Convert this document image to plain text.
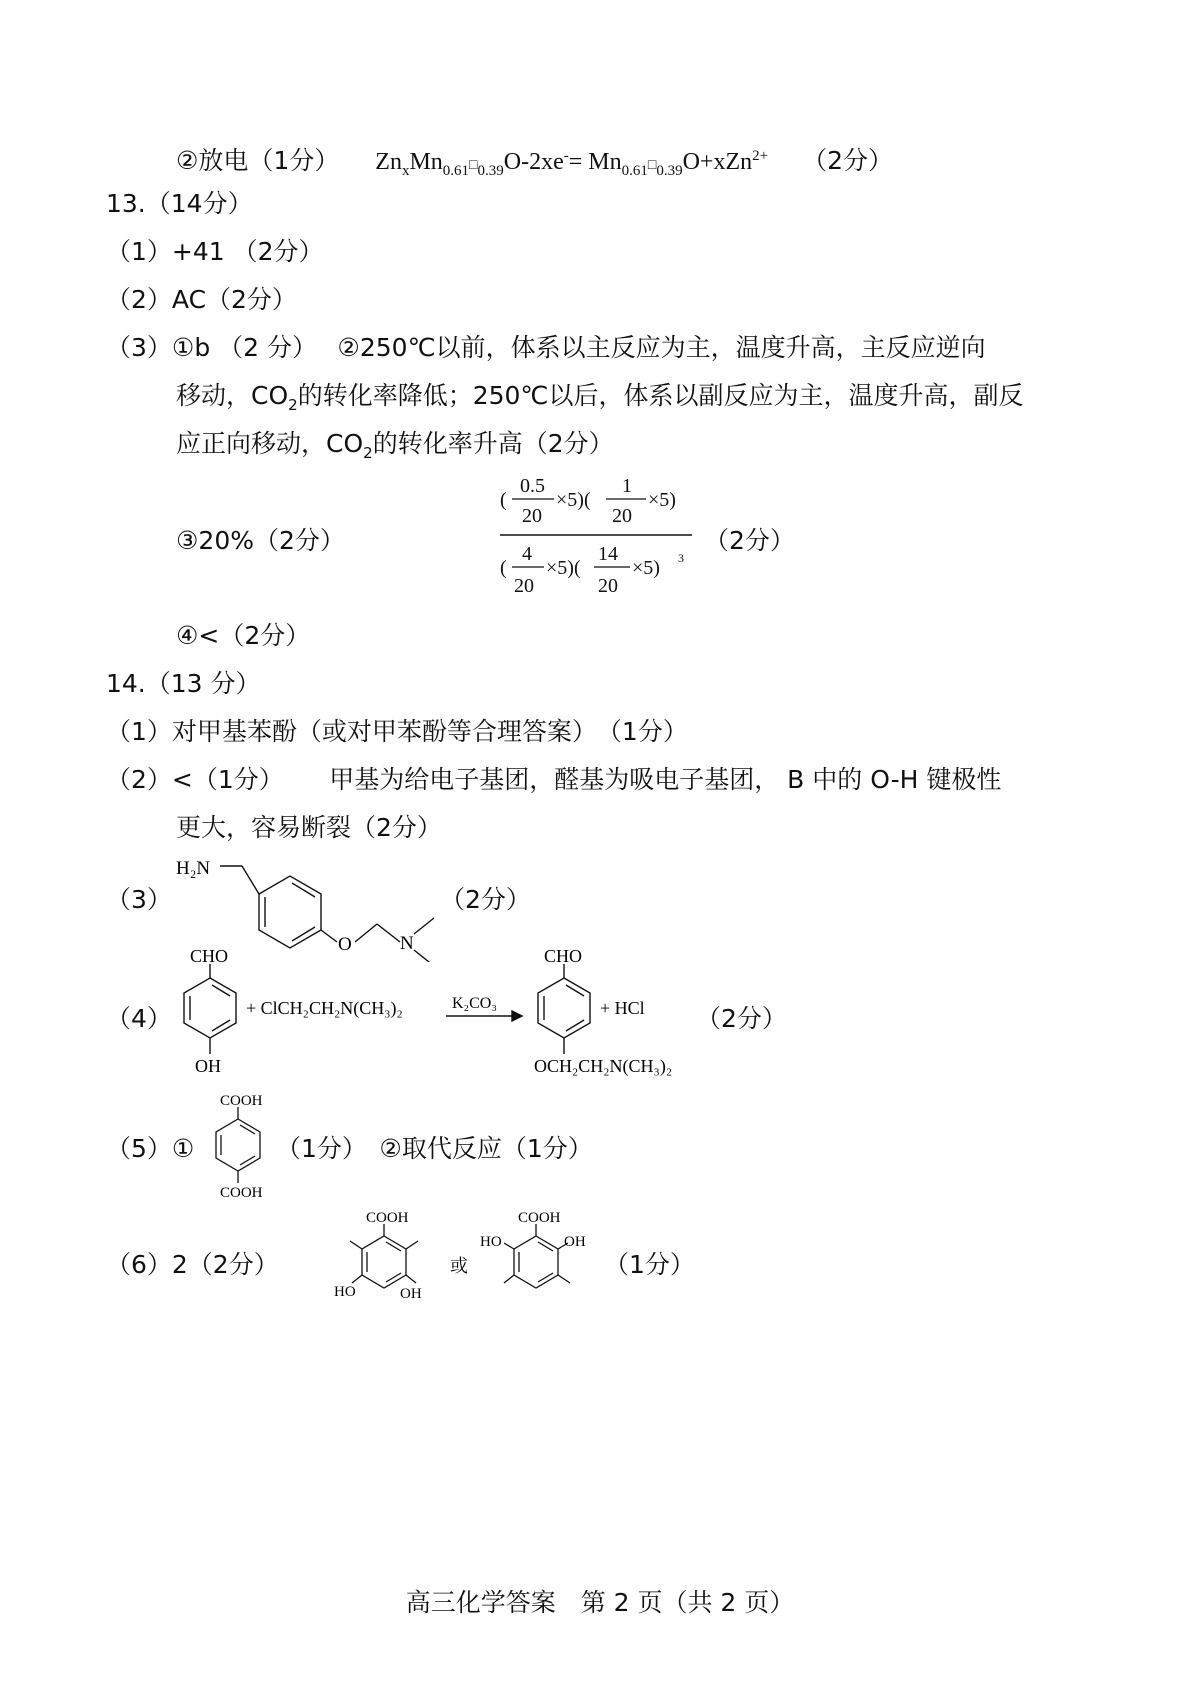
②放电（1分） $Zn_xMn_{0.61}□_{0.39}O-2xe^-=$ $Mn_{0.61}□_{0.39}O+xZn^{2+}$ （2分）
13.（14分）
（1）+41 （2分）
（2）AC（2分）
（3）①b （2 分）　 ②250℃以前，体系以主反应为主，温度升高，主反应逆向
移动，$CO_2$的转化率降低；250℃以后，体系以副反应为主，温度升高，副反
应正向移动，$CO_2$的转化率升高（2分）
③20%（2分）
(
0.5
20
×5)(
1
20
×5)
(
4
20
×5)(
14
20
×5) 3
（2分）
④<（2分）
14.（13 分）
（1）对甲基苯酚（或对甲苯酚等合理答案）　（1分）
（2）<（1分）　　 甲基为给电子基团，醛基为吸电子基团， B 中的 O-H 键极性
更大，容易断裂（2分）
（3）
H₂N
O	N
（2分）
（4）
CHO
OH
+ ClCH₂CH₂N(CH₃)₂	K₂CO₃
CHO
OCH₂CH₂N(CH₃)₂
+ HCl （2分）
（5）①
COOH
COOH
（1分）　②取代反应（1分）
（6）2（2分）
COOH
HO	OH
或
COOH
HO	OH
（1分）
高三化学答案　第 2 页（共 2 页）
